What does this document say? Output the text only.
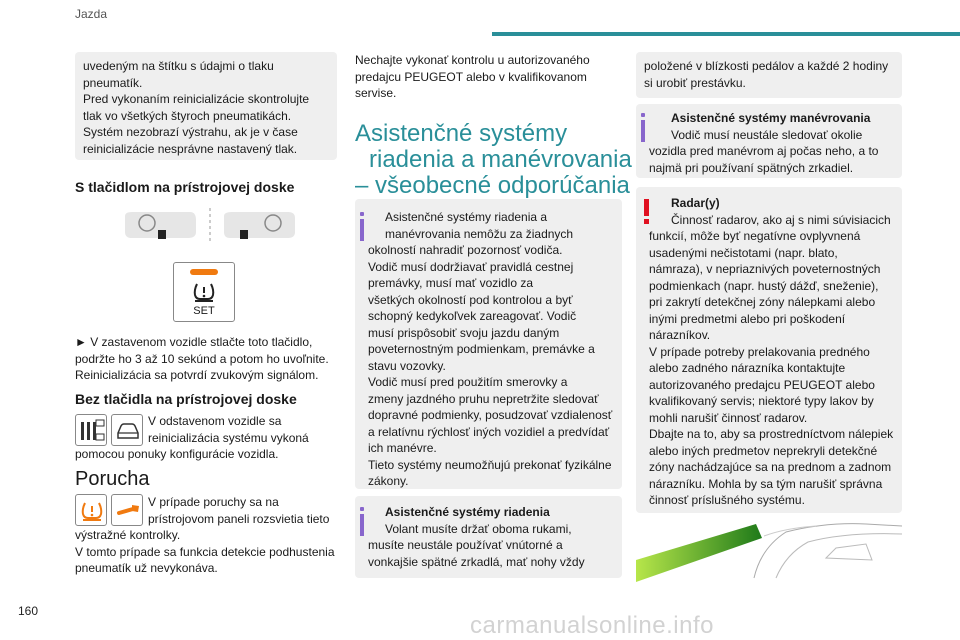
Jazda
uvedeným na štítku s údajmi o tlaku
pneumatík.
Pred vykonaním reinicializácie skontrolujte
tlak vo všetkých štyroch pneumatikách.
Systém nezobrazí výstrahu, ak je v čase
reinicializácie nesprávne nastavený tlak.
S tlačidlom na prístrojovej doske
SET
► V zastavenom vozidle stlačte toto tlačidlo,
podržte ho 3 až 10 sekúnd a potom ho uvoľnite.
Reinicializácia sa potvrdí zvukovým signálom.
Bez tlačidla na prístrojovej doske
V odstavenom vozidle sa
reinicializácia systému vykoná
pomocou ponuky konfigurácie vozidla.
Porucha
V prípade poruchy sa na
prístrojovom paneli rozsvietia tieto
výstražné kontrolky.
V tomto prípade sa funkcia detekcie podhustenia
pneumatík už nevykonáva.
Nechajte vykonať kontrolu u autorizovaného
predajcu PEUGEOT alebo v kvalifikovanom
servise.
Asistenčné systémy
riadenia a manévrovania
– všeobecné odporúčania
Asistenčné systémy riadenia a
manévrovania nemôžu za žiadnych
okolností nahradiť pozornosť vodiča.
Vodič musí dodržiavať pravidlá cestnej
premávky, musí mať vozidlo za
všetkých okolností pod kontrolou a byť
schopný kedykoľvek zareagovať. Vodič
musí prispôsobiť svoju jazdu daným
poveternostným podmienkam, premávke a
stavu vozovky.
Vodič musí pred použitím smerovky a
zmeny jazdného pruhu nepretržite sledovať
dopravné podmienky, posudzovať vzdialenosť
a relatívnu rýchlosť iných vozidiel a predvídať
ich manévre.
Tieto systémy neumožňujú prekonať fyzikálne
zákony.
Asistenčné systémy riadenia
Volant musíte držať oboma rukami,
musíte neustále používať vnútorné a
vonkajšie spätné zrkadlá, mať nohy vždy
položené v blízkosti pedálov a každé 2 hodiny
si urobiť prestávku.
Asistenčné systémy manévrovania
Vodič musí neustále sledovať okolie
vozidla pred manévrom aj počas neho, a to
najmä pri používaní spätných zrkadiel.
Radar(y)
Činnosť radarov, ako aj s nimi súvisiacich
funkcií, môže byť negatívne ovplyvnená
usadenými nečistotami (napr. blato,
námraza), v nepriaznivých poveternostných
podmienkach (napr. hustý dážď, sneženie),
pri zakrytí detekčnej zóny nálepkami alebo
inými predmetmi alebo pri poškodení
nárazníkov.
V prípade potreby prelakovania predného
alebo zadného nárazníka kontaktujte
autorizovaného predajcu PEUGEOT alebo
kvalifikovaný servis; niektoré typy lakov by
mohli narušiť činnosť radarov.
Dbajte na to, aby sa prostredníctvom nálepiek
alebo iných predmetov neprekryli detekčné
zóny nachádzajúce sa na prednom a zadnom
nárazníku. Mohla by sa tým narušiť správna
činnosť príslušného systému.
160
carmanualsonline.info
